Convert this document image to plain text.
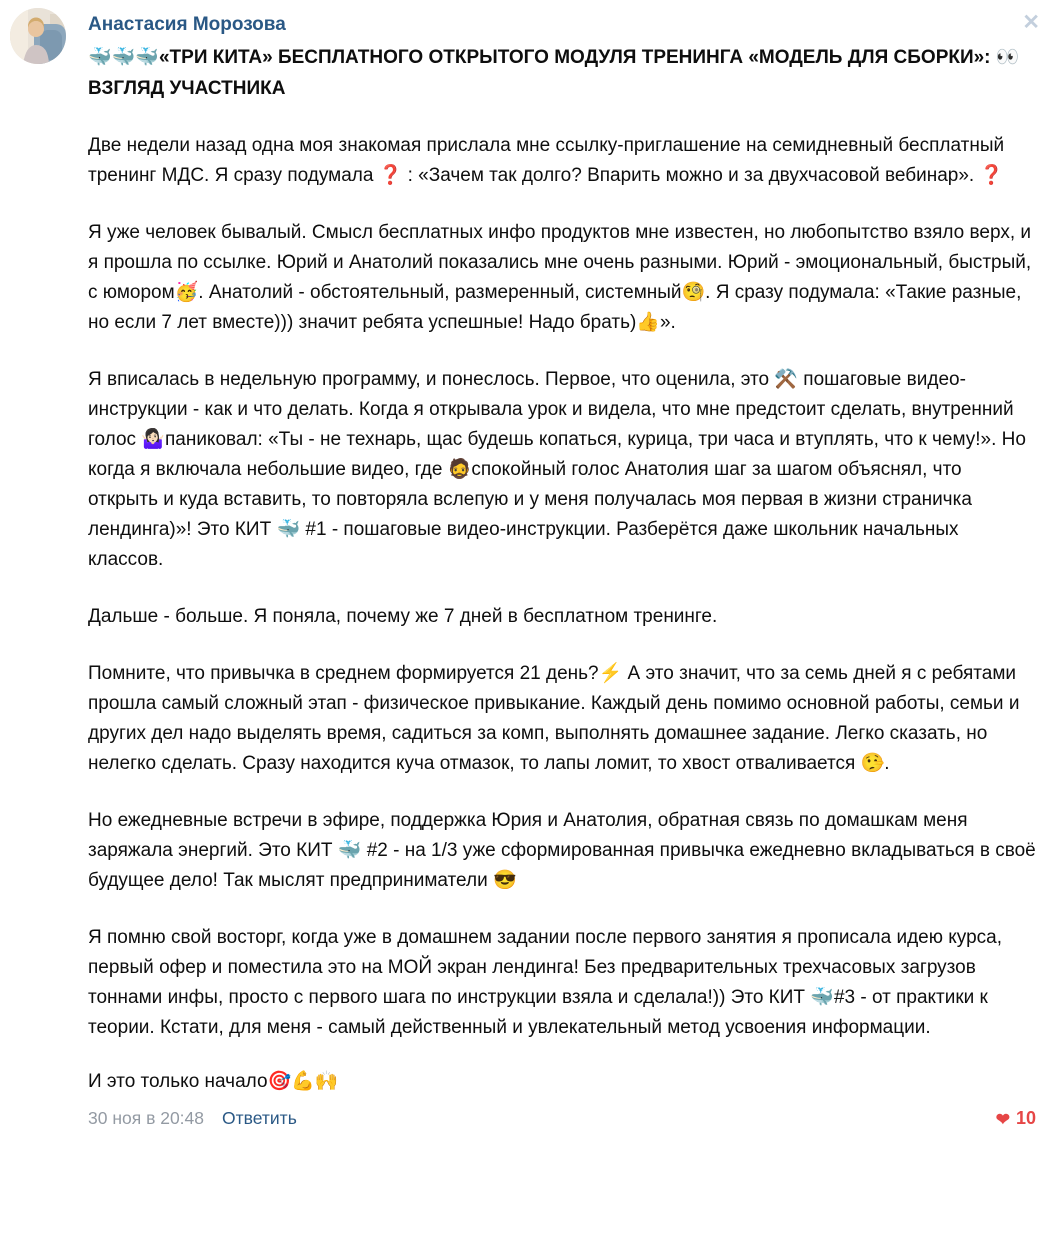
Анастасия Морозова
🐳🐳🐳«ТРИ КИТА» БЕСПЛАТНОГО ОТКРЫТОГО МОДУЛЯ ТРЕНИНГА «МОДЕЛЬ ДЛЯ СБОРКИ»: 👀ВЗГЛЯД УЧАСТНИКА

Две недели назад одна моя знакомая прислала мне ссылку-приглашение на семидневный бесплатный тренинг МДС. Я сразу подумала ❓ : «Зачем так долго? Впарить можно и за двухчасовой вебинар». ❓

Я уже человек бывалый. Смысл бесплатных инфо продуктов мне известен, но любопытство взяло верх, и я прошла по ссылке. Юрий и Анатолий показались мне очень разными. Юрий - эмоциональный, быстрый, с юмором🥳. Анатолий - обстоятельный, размеренный, системный🧐. Я сразу подумала: «Такие разные, но если 7 лет вместе))) значит ребята успешные! Надо брать)👍».

Я вписалась в недельную программу, и понеслось. Первое, что оценила, это ⚒️ пошаговые видео-инструкции - как и что делать. Когда я открывала урок и видела, что мне предстоит сделать, внутренний голос 🤷🏻‍♀️паниковал: «Ты - не технарь, щас будешь копаться, курица, три часа и втуплять, что к чему!». Но когда я включала небольшие видео, где 🧔спокойный голос Анатолия шаг за шагом объяснял, что открыть и куда вставить, то повторяла вслепую и у меня получалась моя первая в жизни страничка лендинга)»! Это КИТ 🐳 #1 - пошаговые видео-инструкции. Разберётся даже школьник начальных классов.

Дальше - больше. Я поняла, почему же 7 дней в бесплатном тренинге.

Помните, что привычка в среднем формируется 21 день?⚡ А это значит, что за семь дней я с ребятами прошла самый сложный этап - физическое привыкание. Каждый день помимо основной работы, семьи и других дел надо выделять время, садиться за комп, выполнять домашнее задание. Легко сказать, но нелегко сделать. Сразу находится куча отмазок, то лапы ломит, то хвост отваливается 🤥.

Но ежедневные встречи в эфире, поддержка Юрия и Анатолия, обратная связь по домашкам меня заряжала энергий. Это КИТ 🐳 #2 - на 1/3 уже сформированная привычка ежедневно вкладываться в своё будущее дело! Так мыслят предприниматели 😎

Я помню свой восторг, когда уже в домашнем задании после первого занятия я прописала идею курса, первый офер и поместила это на МОЙ экран лендинга! Без предварительных трехчасовых загрузов тоннами инфы, просто с первого шага по инструкции взяла и сделала!)) Это КИТ 🐳#3 - от практики к теории. Кстати, для меня - самый действенный и увлекательный метод усвоения информации.

И это только начало🎯💪🙌

30 ноя в 20:48 Ответить	❤ 10
✕
